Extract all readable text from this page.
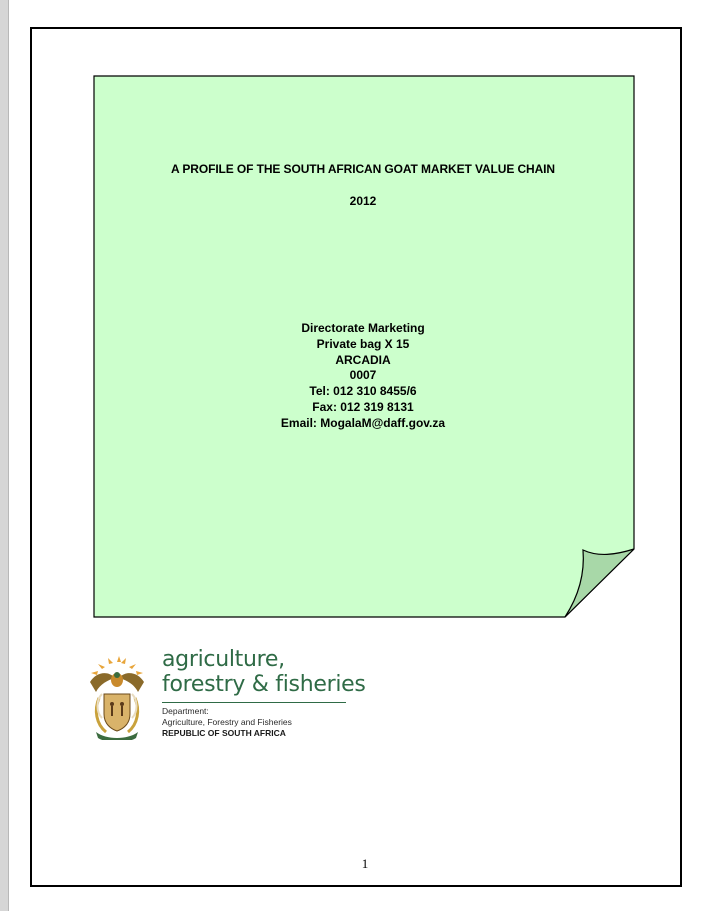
A PROFILE OF THE SOUTH AFRICAN GOAT MARKET VALUE CHAIN
2012
Directorate Marketing
Private bag X 15
ARCADIA
0007
Tel: 012 310 8455/6
Fax: 012 319 8131
Email: MogalaM@daff.gov.za
agriculture,
forestry & fisheries
Department:
Agriculture, Forestry and Fisheries
REPUBLIC OF SOUTH AFRICA
1
